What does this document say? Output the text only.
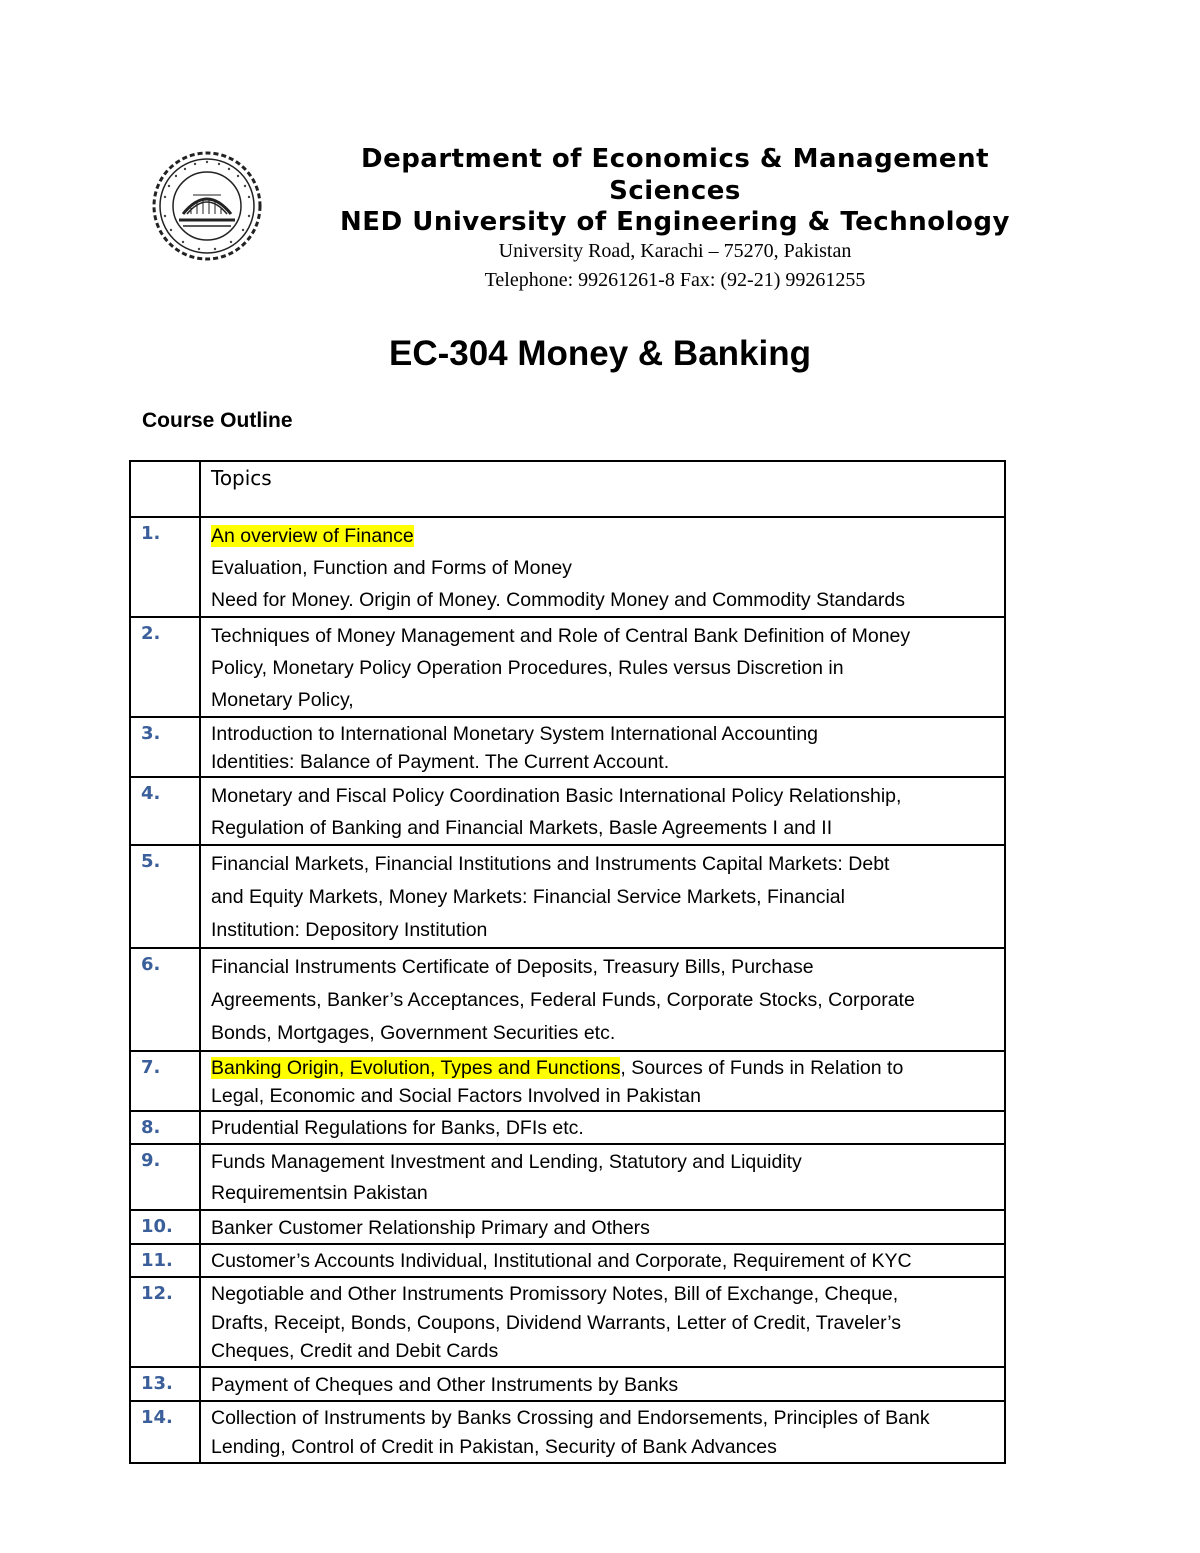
Department of Economics & Management
Sciences
NED University of Engineering & Technology
University Road, Karachi – 75270, Pakistan
Telephone: 99261261-8 Fax: (92-21) 99261255
EC-304 Money & Banking
Course Outline
	Topics
1.	An overview of Finance
Evaluation, Function and Forms of Money
Need for Money. Origin of Money. Commodity Money and Commodity Standards

2.	Techniques of Money Management and Role of Central Bank Definition of Money
Policy, Monetary Policy Operation Procedures, Rules versus Discretion in
Monetary Policy,

3.	Introduction to International Monetary System International Accounting
Identities: Balance of Payment. The Current Account.

4.	Monetary and Fiscal Policy Coordination Basic International Policy Relationship,
Regulation of Banking and Financial Markets, Basle Agreements I and II

5.	Financial Markets, Financial Institutions and Instruments Capital Markets: Debt
and Equity Markets, Money Markets: Financial Service Markets, Financial
Institution: Depository Institution

6.	Financial Instruments Certificate of Deposits, Treasury Bills, Purchase
Agreements, Banker’s Acceptances, Federal Funds, Corporate Stocks, Corporate
Bonds, Mortgages, Government Securities etc.

7.	Banking Origin, Evolution, Types and Functions, Sources of Funds in Relation to
Legal, Economic and Social Factors Involved in Pakistan

8.	Prudential Regulations for Banks, DFIs etc.

9.	Funds Management Investment and Lending, Statutory and Liquidity
Requirementsin Pakistan

10.	Banker Customer Relationship Primary and Others

11.	Customer’s Accounts Individual, Institutional and Corporate, Requirement of KYC

12.	Negotiable and Other Instruments Promissory Notes, Bill of Exchange, Cheque,
Drafts, Receipt, Bonds, Coupons, Dividend Warrants, Letter of Credit, Traveler’s
Cheques, Credit and Debit Cards

13.	Payment of Cheques and Other Instruments by Banks

14.	Collection of Instruments by Banks Crossing and Endorsements, Principles of Bank
Lending, Control of Credit in Pakistan, Security of Bank Advances
